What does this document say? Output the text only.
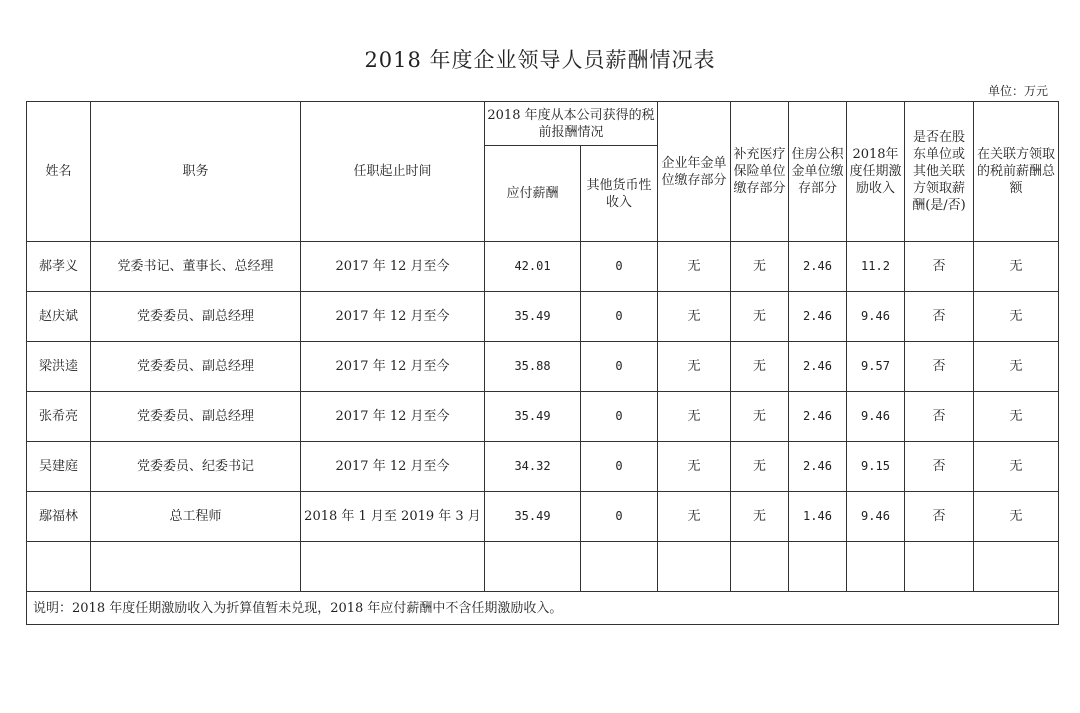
2018 年度企业领导人员薪酬情况表
单位：万元
姓名	职务	任职起止时间	2018 年度从本公司获得的税前报酬情况		企业年金单位缴存部分	补充医疗保险单位缴存部分	住房公积金单位缴存部分	2018年度任期激励收入	是否在股东单位或其他关联方领取薪酬(是/否)	在关联方领取的税前薪酬总额
			应付薪酬	其他货币性收入						
郝孝义	党委书记、董事长、总经理	2017 年 12 月至今	42.01	0	无	无	2.46	11.2	否	无
赵庆斌	党委委员、副总经理	2017 年 12 月至今	35.49	0	无	无	2.46	9.46	否	无
梁洪逵	党委委员、副总经理	2017 年 12 月至今	35.88	0	无	无	2.46	9.57	否	无
张希亮	党委委员、副总经理	2017 年 12 月至今	35.49	0	无	无	2.46	9.46	否	无
吴建庭	党委委员、纪委书记	2017 年 12 月至今	34.32	0	无	无	2.46	9.15	否	无
鄢福林	总工程师	2018 年 1 月至 2019 年 3 月	35.49	0	无	无	1.46	9.46	否	无

说明：2018 年度任期激励收入为折算值暂未兑现，2018 年应付薪酬中不含任期激励收入。										
